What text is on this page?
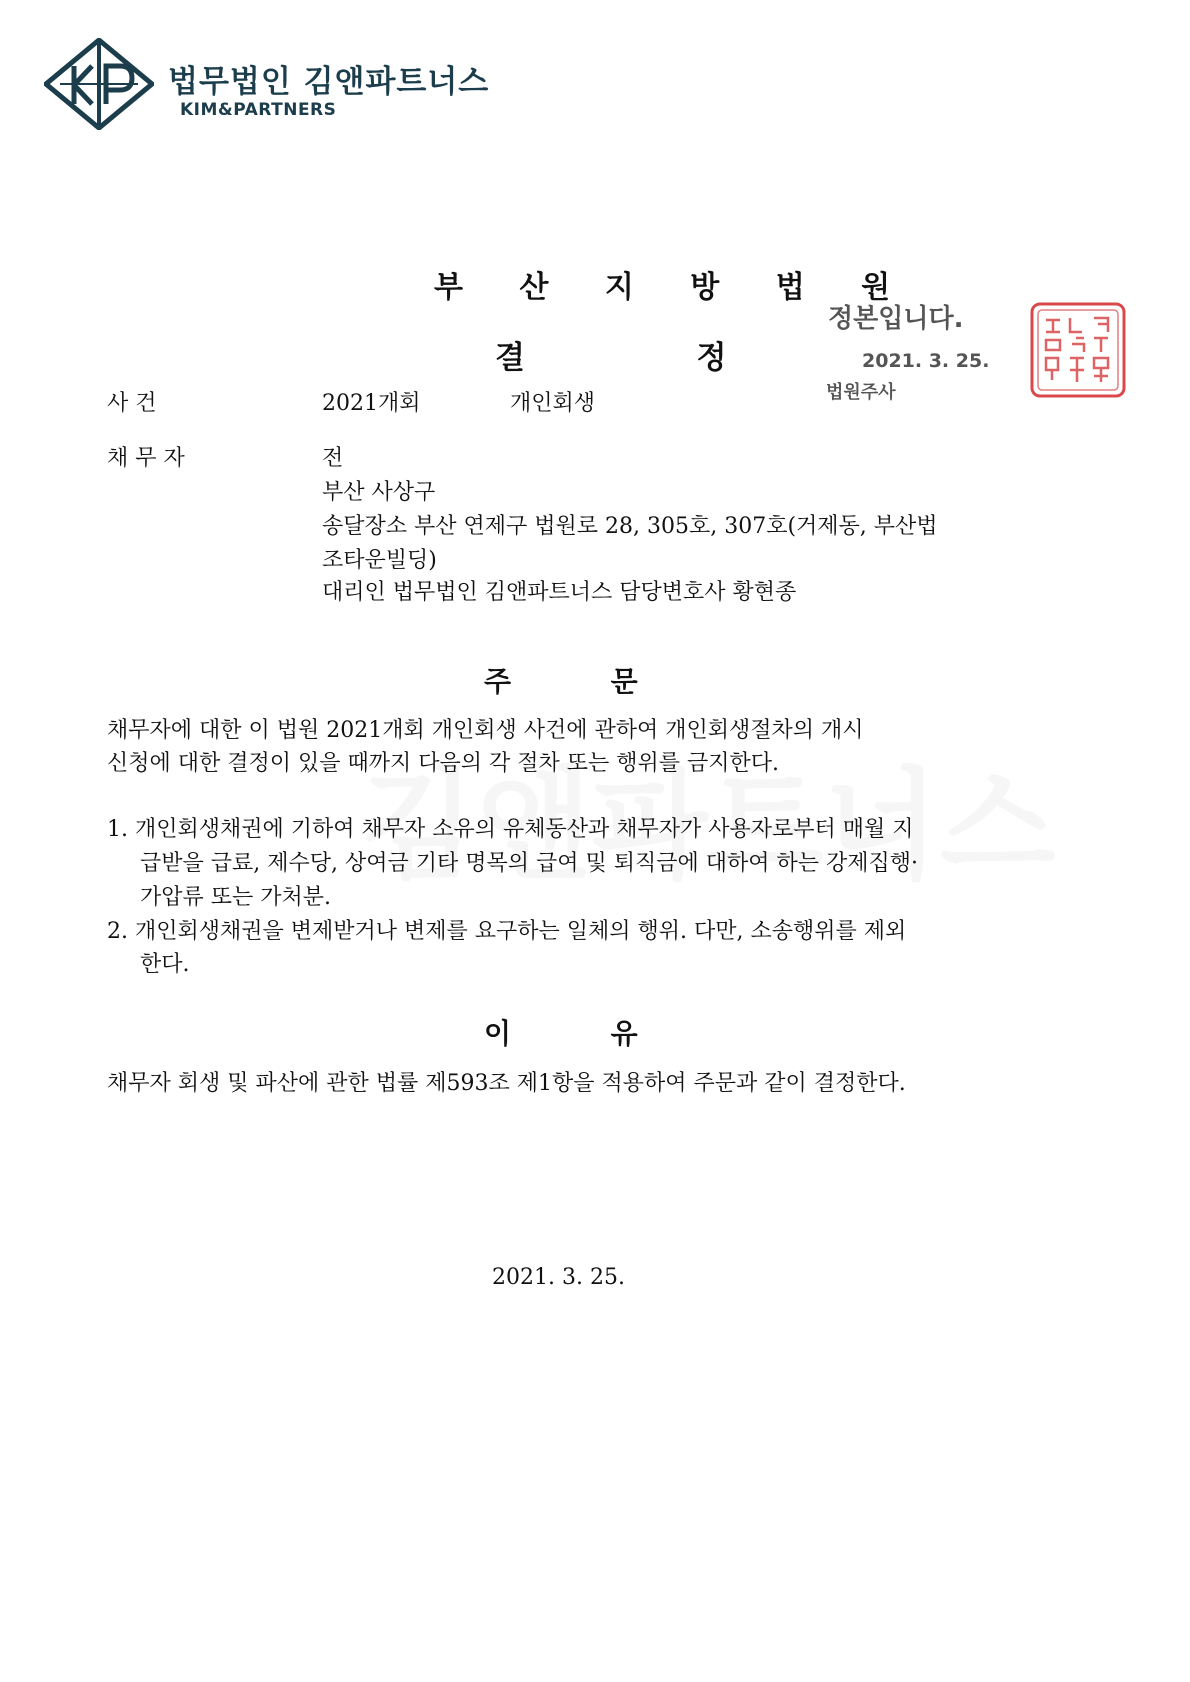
법무법인 김앤파트너스
KIM&PARTNERS
부 산 지 방 법 원
결	정
정본입니다.
2021. 3. 25.
법원주사
사 건	2021개회	개인회생
채 무 자	전
부산 사상구
송달장소 부산 연제구 법원로 28, 305호, 307호(거제동, 부산법
조타운빌딩)
대리인 법무법인 김앤파트너스 담당변호사 황현종
주	문
채무자에 대한 이 법원 2021개회 개인회생 사건에 관하여 개인회생절차의 개시
신청에 대한 결정이 있을 때까지 다음의 각 절차 또는 행위를 금지한다.
1. 개인회생채권에 기하여 채무자 소유의 유체동산과 채무자가 사용자로부터 매월 지
급받을 급료, 제수당, 상여금 기타 명목의 급여 및 퇴직금에 대하여 하는 강제집행·
가압류 또는 가처분.
2. 개인회생채권을 변제받거나 변제를 요구하는 일체의 행위. 다만, 소송행위를 제외
한다.
이	유
채무자 회생 및 파산에 관한 법률 제593조 제1항을 적용하여 주문과 같이 결정한다.
2021. 3. 25.
